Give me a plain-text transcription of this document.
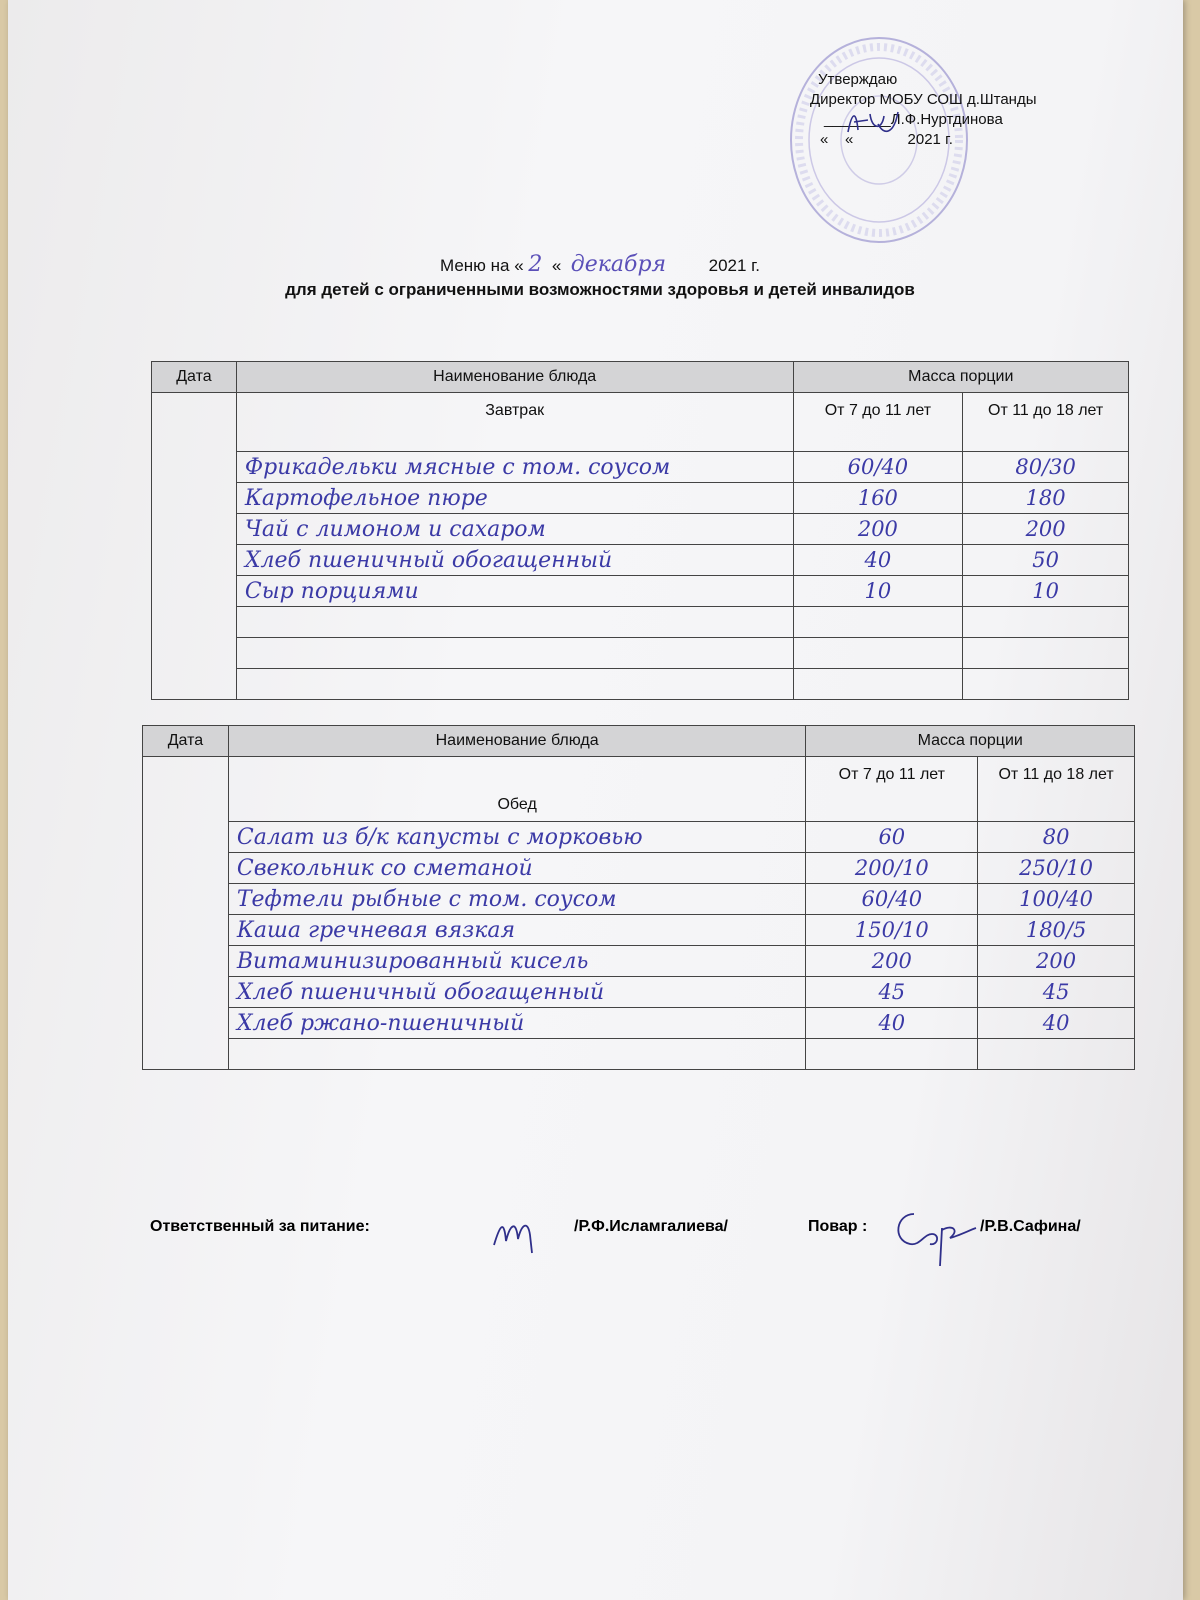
Утверждаю
Директор МОБУ СОШ д.Штанды
________Л.Ф.Нуртдинова
«    «             2021 г.
Меню на « 2 « декабря	2021 г.
для детей с ограниченными возможностями здоровья и детей инвалидов
Дата	Наименование блюда	Масса порции	
	Завтрак	От 7 до 11 лет	От 11 до 18 лет
	Фрикадельки мясные с том. соусом	60/40	80/30
	Картофельное пюре	160	180
	Чай с лимоном и сахаром	200	200
	Хлеб пшеничный обогащенный	40	50
	Сыр порциями	10	10

Дата	Наименование блюда	Масса порции	
	Обед	От 7 до 11 лет	От 11 до 18 лет
	Салат из б/к капусты с морковью	60	80
	Свекольник со сметаной	200/10	250/10
	Тефтели рыбные с том. соусом	60/40	100/40
	Каша гречневая вязкая	150/10	180/5
	Витаминизированный кисель	200	200
	Хлеб пшеничный обогащенный	45	45
	Хлеб ржано-пшеничный	40	40

Ответственный за питание:	/Р.Ф.Исламгалиева/	Повар :	/Р.В.Сафина/
